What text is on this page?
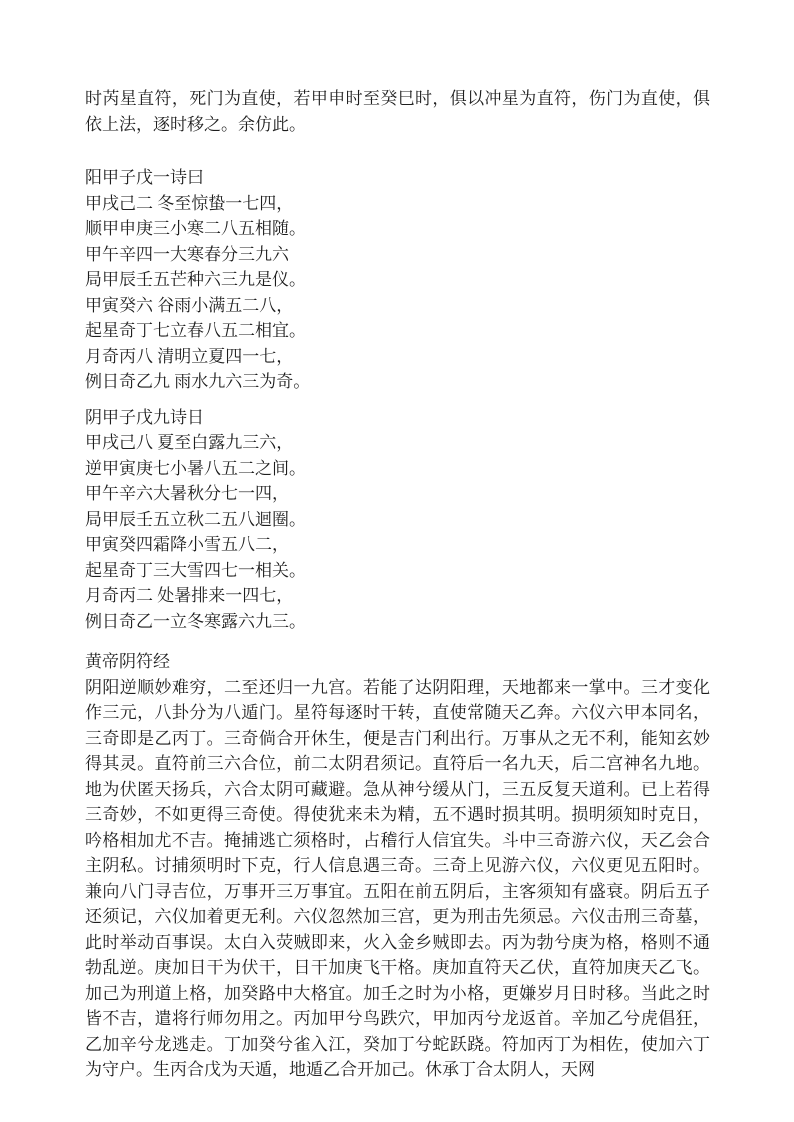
时芮星直符，死门为直使，若甲申时至癸巳时，俱以冲星为直符，伤门为直使，俱依上法，逐时移之。余仿此。

阳甲子戊一诗曰
甲戌己二 冬至惊蛰一七四，
顺甲申庚三小寒二八五相随。
甲午辛四一大寒春分三九六
局甲辰壬五芒种六三九是仪。
甲寅癸六 谷雨小满五二八，
起星奇丁七立春八五二相宜。
月奇丙八 清明立夏四一七，
例日奇乙九 雨水九六三为奇。
阴甲子戊九诗日
甲戌己八 夏至白露九三六，
逆甲寅庚七小暑八五二之间。
甲午辛六大暑秋分七一四，
局甲辰壬五立秋二五八迴圈。
甲寅癸四霜降小雪五八二，
起星奇丁三大雪四七一相关。
月奇丙二 处暑排来一四七，
例日奇乙一立冬寒露六九三。
黄帝阴符经

阴阳逆顺妙难穷，二至还归一九宫。若能了达阴阳理，天地都来一掌中。三才变化作三元，八卦分为八遁门。星符每逐时干转，直使常随天乙奔。六仪六甲本同名，三奇即是乙丙丁。三奇倘合开休生，便是吉门利出行。万事从之无不利，能知玄妙得其灵。直符前三六合位，前二太阴君须记。直符后一名九天，后二宫神名九地。地为伏匿天扬兵，六合太阴可藏避。急从神兮缓从门，三五反复天道利。已上若得三奇妙，不如更得三奇使。得使犹来未为精，五不遇时损其明。损明须知时克日，吟格相加尤不吉。掩捕逃亡须格时，占稽行人信宜失。斗中三奇游六仪，天乙会合主阴私。讨捕须明时下克，行人信息遇三奇。三奇上见游六仪，六仪更见五阳时。兼向八门寻吉位，万事开三万事宜。五阳在前五阴后，主客须知有盛衰。阴后五子还须记，六仪加着更无利。六仪忽然加三宫，更为刑击先须忌。六仪击刑三奇墓，此时举动百事误。太白入荧贼即来，火入金乡贼即去。丙为勃兮庚为格，格则不通勃乱逆。庚加日干为伏干，日干加庚飞干格。庚加直符天乙伏，直符加庚天乙飞。加己为刑道上格，加癸路中大格宜。加壬之时为小格，更嫌岁月日时移。当此之时皆不吉，遣将行师勿用之。丙加甲兮鸟跌穴，甲加丙兮龙返首。辛加乙兮虎倡狂，乙加辛兮龙逃走。丁加癸兮雀入江，癸加丁兮蛇跃跷。符加丙丁为相佐，使加六丁为守户。生丙合戊为天遁，地遁乙合开加己。休承丁合太阴人，天网
